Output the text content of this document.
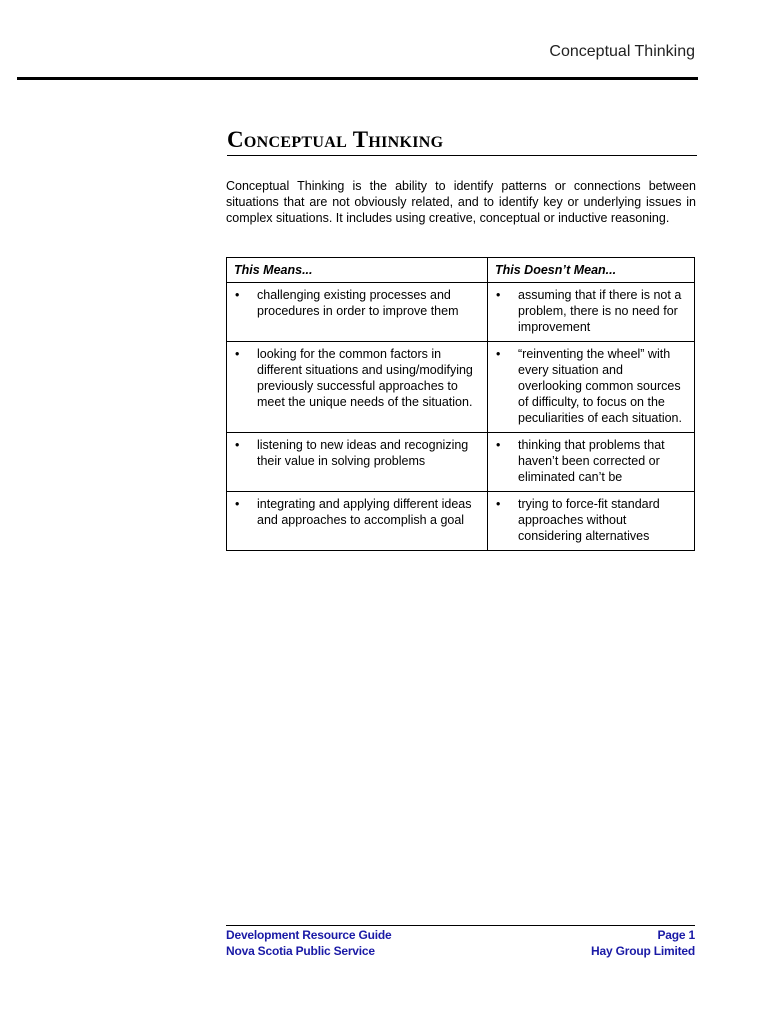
Conceptual Thinking
Conceptual Thinking

Conceptual Thinking is the ability to identify patterns or connections between situations that are not obviously related, and to identify key or underlying issues in complex situations. It includes using creative, conceptual or inductive reasoning.

This Means...	This Doesn’t Mean...

• challenging existing processes and procedures in order to improve them	• assuming that if there is not a problem, there is no need for improvement

• looking for the common factors in different situations and using/modifying previously successful approaches to meet the unique needs of the situation.	• “reinventing the wheel” with every situation and overlooking common sources of difficulty, to focus on the peculiarities of each situation.

• listening to new ideas and recognizing their value in solving problems	• thinking that problems that haven’t been corrected or eliminated can’t be

• integrating and applying different ideas and approaches to accomplish a goal	• trying to force-fit standard approaches without considering alternatives
Development Resource Guide
Nova Scotia Public Service
Page 1
Hay Group Limited
